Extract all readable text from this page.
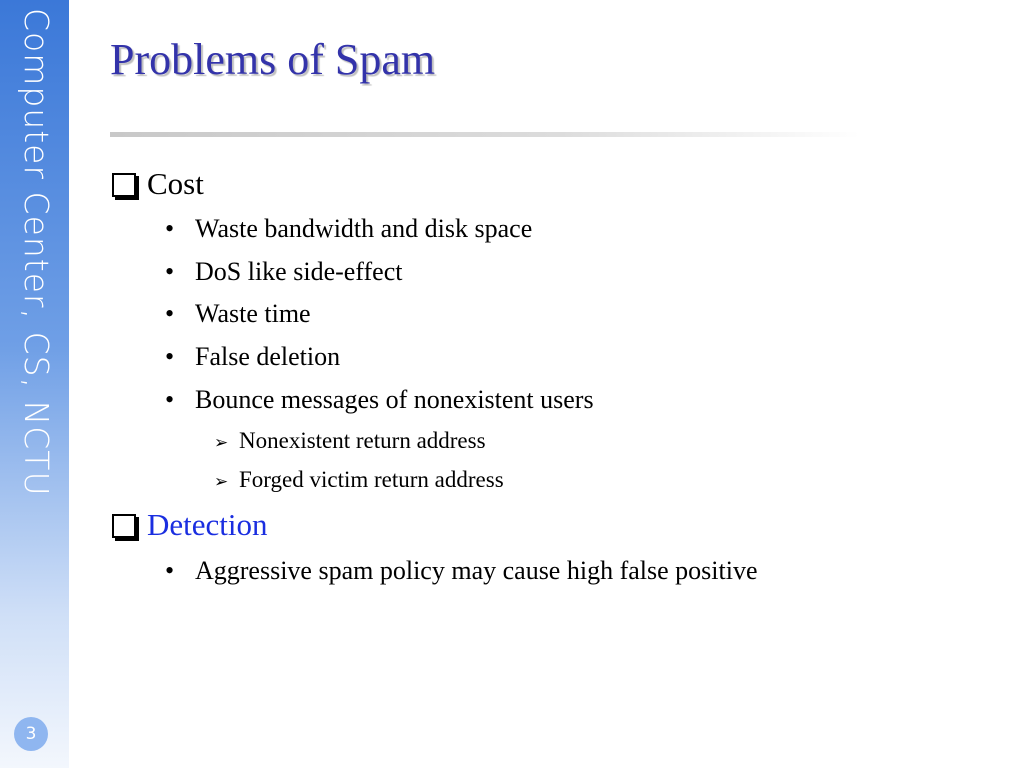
Computer Center, CS, NCTU
3
Problems of Spam
Cost
• Waste bandwidth and disk space
• DoS like side-effect
• Waste time
• False deletion
• Bounce messages of nonexistent users
➢ Nonexistent return address
➢ Forged victim return address
Detection
• Aggressive spam policy may cause high false positive
